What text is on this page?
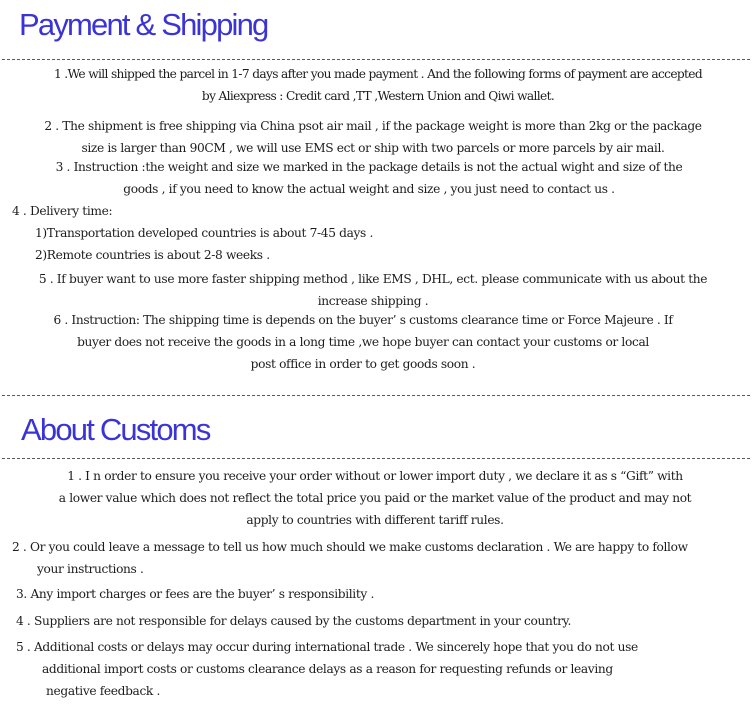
Payment & Shipping
1 .We will shipped the parcel in 1-7 days after you made payment . And the following forms of payment are accepted
by Aliexpress : Credit card ,TT ,Western Union and Qiwi wallet.
2 . The shipment is free shipping via China psot air mail , if the package weight is more than 2kg or the package
size is larger than 90CM , we will use EMS ect or ship with two parcels or more parcels by air mail.
3 . Instruction :the weight and size we marked in the package details is not the actual wight and size of the
goods , if you need to know the actual weight and size , you just need to contact us .
4 . Delivery time:
1)Transportation developed countries is about 7-45 days .
2)Remote countries is about 2-8 weeks .
5 . If buyer want to use more faster shipping method , like EMS , DHL, ect. please communicate with us about the
increase shipping .
6 . Instruction: The shipping time is depends on the buyer’ s customs clearance time or Force Majeure . If
buyer does not receive the goods in a long time ,we hope buyer can contact your customs or local
post office in order to get goods soon .
About Customs
1 . I n order to ensure you receive your order without or lower import duty , we declare it as s “Gift” with
a lower value which does not reflect the total price you paid or the market value of the product and may not
apply to countries with different tariff rules.
2 . Or you could leave a message to tell us how much should we make customs declaration . We are happy to follow
your instructions .
3. Any import charges or fees are the buyer’ s responsibility .
4 . Suppliers are not responsible for delays caused by the customs department in your country.
5 . Additional costs or delays may occur during international trade . We sincerely hope that you do not use
additional import costs or customs clearance delays as a reason for requesting refunds or leaving
negative feedback .
